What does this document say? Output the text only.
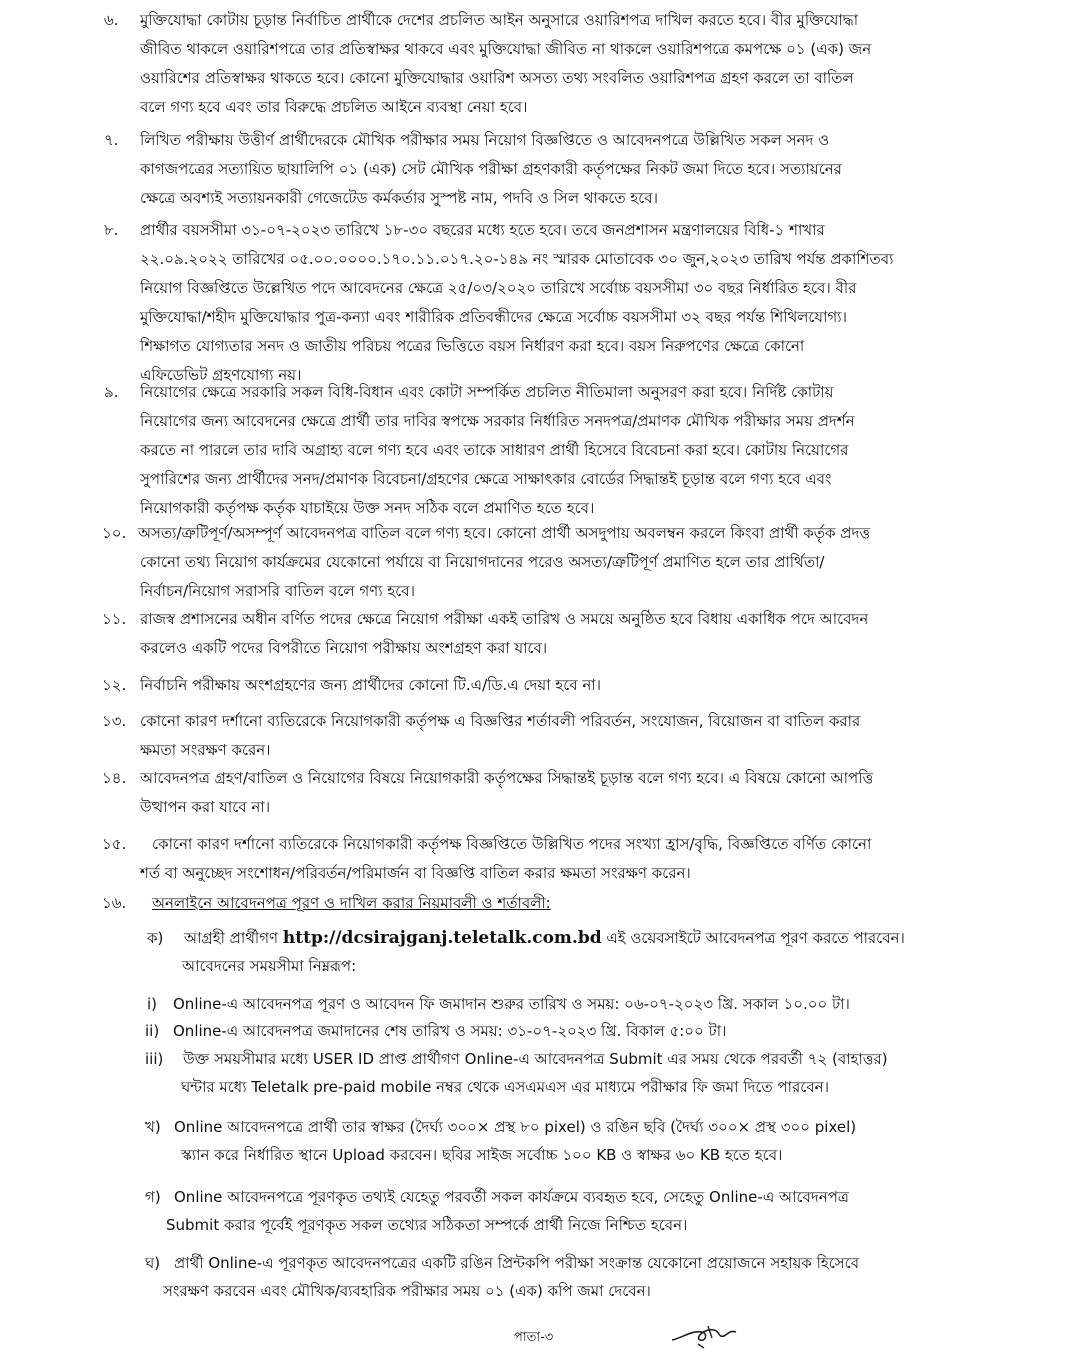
৬. মুক্তিযোদ্ধা কোটায় চূড়ান্ত নির্বাচিত প্রার্থীকে দেশের প্রচলিত আইন অনুসারে ওয়ারিশপত্র দাখিল করতে হবে। বীর মুক্তিযোদ্ধা
জীবিত থাকলে ওয়ারিশপত্রে তার প্রতিস্বাক্ষর থাকবে এবং মুক্তিযোদ্ধা জীবিত না থাকলে ওয়ারিশপত্রে কমপক্ষে ০১ (এক) জন
ওয়ারিশের প্রতিস্বাক্ষর থাকতে হবে। কোনো মুক্তিযোদ্ধার ওয়ারিশ অসত্য তথ্য সংবলিত ওয়ারিশপত্র গ্রহণ করলে তা বাতিল
বলে গণ্য হবে এবং তার বিরুদ্ধে প্রচলিত আইনে ব্যবস্থা নেয়া হবে।
৭. লিখিত পরীক্ষায় উত্তীর্ণ প্রার্থীদেরকে মৌখিক পরীক্ষার সময় নিয়োগ বিজ্ঞপ্তিতে ও আবেদনপত্রে উল্লিখিত সকল সনদ ও
কাগজপত্রের সত্যায়িত ছায়ালিপি ০১ (এক) সেট মৌখিক পরীক্ষা গ্রহণকারী কর্তৃপক্ষের নিকট জমা দিতে হবে। সত্যায়নের
ক্ষেত্রে অবশ্যই সত্যায়নকারী গেজেটেড কর্মকর্তার সুস্পষ্ট নাম, পদবি ও সিল থাকতে হবে।
৮. প্রার্থীর বয়সসীমা ৩১-০৭-২০২৩ তারিখে ১৮-৩০ বছরের মধ্যে হতে হবে। তবে জনপ্রশাসন মন্ত্রণালয়ের বিধি-১ শাখার
২২.০৯.২০২২ তারিখের ০৫.০০.০০০০.১৭০.১১.০১৭.২০-১৪৯ নং স্মারক মোতাবেক ৩০ জুন,২০২৩ তারিখ পর্যন্ত প্রকাশিতব্য
নিয়োগ বিজ্ঞপ্তিতে উল্লেখিত পদে আবেদনের ক্ষেত্রে ২৫/০৩/২০২০ তারিখে সর্বোচ্চ বয়সসীমা ৩০ বছর নির্ধারিত হবে। বীর
মুক্তিযোদ্ধা/শহীদ মুক্তিযোদ্ধার পুত্র-কন্যা এবং শারীরিক প্রতিবন্ধীদের ক্ষেত্রে সর্বোচ্চ বয়সসীমা ৩২ বছর পর্যন্ত শিথিলযোগ্য।
শিক্ষাগত যোগ্যতার সনদ ও জাতীয় পরিচয় পত্রের ভিত্তিতে বয়স নির্ধারণ করা হবে। বয়স নিরুপণের ক্ষেত্রে কোনো
এফিডেভিট গ্রহণযোগ্য নয়।
৯. নিয়োগের ক্ষেত্রে সরকারি সকল বিধি-বিধান এবং কোটা সম্পর্কিত প্রচলিত নীতিমালা অনুসরণ করা হবে। নির্দিষ্ট কোটায়
নিয়োগের জন্য আবেদনের ক্ষেত্রে প্রার্থী তার দাবির স্বপক্ষে সরকার নির্ধারিত সনদপত্র/প্রমাণক মৌখিক পরীক্ষার সময় প্রদর্শন
করতে না পারলে তার দাবি অগ্রাহ্য বলে গণ্য হবে এবং তাকে সাধারণ প্রার্থী হিসেবে বিবেচনা করা হবে। কোটায় নিয়োগের
সুপারিশের জন্য প্রার্থীদের সনদ/প্রমাণক বিবেচনা/গ্রহণের ক্ষেত্রে সাক্ষাৎকার বোর্ডের সিদ্ধান্তই চূড়ান্ত বলে গণ্য হবে এবং
নিয়োগকারী কর্তৃপক্ষ কর্তৃক যাচাইয়ে উক্ত সনদ সঠিক বলে প্রমাণিত হতে হবে।
১০. অসত্য/ত্রুটিপূর্ণ/অসম্পূর্ণ আবেদনপত্র বাতিল বলে গণ্য হবে। কোনো প্রার্থী অসদুপায় অবলম্বন করলে কিংবা প্রার্থী কর্তৃক প্রদত্ত
কোনো তথ্য নিয়োগ কার্যক্রমের যেকোনো পর্যায়ে বা নিয়োগদানের পরেও অসত্য/ত্রুটিপূর্ণ প্রমাণিত হলে তার প্রার্থিতা/
নির্বাচন/নিয়োগ সরাসরি বাতিল বলে গণ্য হবে।
১১. রাজস্ব প্রশাসনের অধীন বর্ণিত পদের ক্ষেত্রে নিয়োগ পরীক্ষা একই তারিখ ও সময়ে অনুষ্ঠিত হবে বিধায় একাধিক পদে আবেদন
করলেও একটি পদের বিপরীতে নিয়োগ পরীক্ষায় অংশগ্রহণ করা যাবে।
১২. নির্বাচনি পরীক্ষায় অংশগ্রহণের জন্য প্রার্থীদের কোনো টি.এ/ডি.এ দেয়া হবে না।
১৩. কোনো কারণ দর্শানো ব্যতিরেকে নিয়োগকারী কর্তৃপক্ষ এ বিজ্ঞপ্তির শর্তাবলী পরিবর্তন, সংযোজন, বিয়োজন বা বাতিল করার
ক্ষমতা সংরক্ষণ করেন।
১৪. আবেদনপত্র গ্রহণ/বাতিল ও নিয়োগের বিষয়ে নিয়োগকারী কর্তৃপক্ষের সিদ্ধান্তই চূড়ান্ত বলে গণ্য হবে। এ বিষয়ে কোনো আপত্তি
উত্থাপন করা যাবে না।
১৫. কোনো কারণ দর্শানো ব্যতিরেকে নিয়োগকারী কর্তৃপক্ষ বিজ্ঞপ্তিতে উল্লিখিত পদের সংখ্যা হ্রাস/বৃদ্ধি, বিজ্ঞপ্তিতে বর্ণিত কোনো
শর্ত বা অনুচ্ছেদ সংশোধন/পরিবর্তন/পরিমার্জন বা বিজ্ঞপ্তি বাতিল করার ক্ষমতা সংরক্ষণ করেন।
১৬. অনলাইনে আবেদনপত্র পূরণ ও দাখিল করার নিয়মাবলী ও শর্তাবলী:
ক) আগ্রহী প্রার্থীগণ http://dcsirajganj.teletalk.com.bd এই ওয়েবসাইটে আবেদনপত্র পূরণ করতে পারবেন।
আবেদনের সময়সীমা নিম্নরূপ:
i) Online-এ আবেদনপত্র পূরণ ও আবেদন ফি জমাদান শুরুর তারিখ ও সময়: ০৬-০৭-২০২৩ খ্রি. সকাল ১০.০০ টা।
ii) Online-এ আবেদনপত্র জমাদানের শেষ তারিখ ও সময়: ৩১-০৭-২০২৩ খ্রি. বিকাল ৫:০০ টা।
iii) উক্ত সময়সীমার মধ্যে USER ID প্রাপ্ত প্রার্থীগণ Online-এ আবেদনপত্র Submit এর সময় থেকে পরবর্তী ৭২ (বাহাত্তর)
ঘন্টার মধ্যে Teletalk pre-paid mobile নম্বর থেকে এসএমএস এর মাধ্যমে পরীক্ষার ফি জমা দিতে পারবেন।
খ) Online আবেদনপত্রে প্রার্থী তার স্বাক্ষর (দৈর্ঘ্য ৩০০× প্রস্থ ৮০ pixel) ও রঙিন ছবি (দৈর্ঘ্য ৩০০× প্রস্থ ৩০০ pixel)
স্ক্যান করে নির্ধারিত স্থানে Upload করবেন। ছবির সাইজ সর্বোচ্চ ১০০ KB ও স্বাক্ষর ৬০ KB হতে হবে।
গ) Online আবেদনপত্রে পূরণকৃত তথ্যই যেহেতু পরবর্তী সকল কার্যক্রমে ব্যবহৃত হবে, সেহেতু Online-এ আবেদনপত্র
Submit করার পূর্বেই পূরণকৃত সকল তথ্যের সঠিকতা সম্পর্কে প্রার্থী নিজে নিশ্চিত হবেন।
ঘ) প্রার্থী Online-এ পূরণকৃত আবেদনপত্রের একটি রঙিন প্রিন্টকপি পরীক্ষা সংক্রান্ত যেকোনো প্রয়োজনে সহায়ক হিসেবে
সংরক্ষণ করবেন এবং মৌখিক/ব্যবহারিক পরীক্ষার সময় ০১ (এক) কপি জমা দেবেন।
পাতা-৩
